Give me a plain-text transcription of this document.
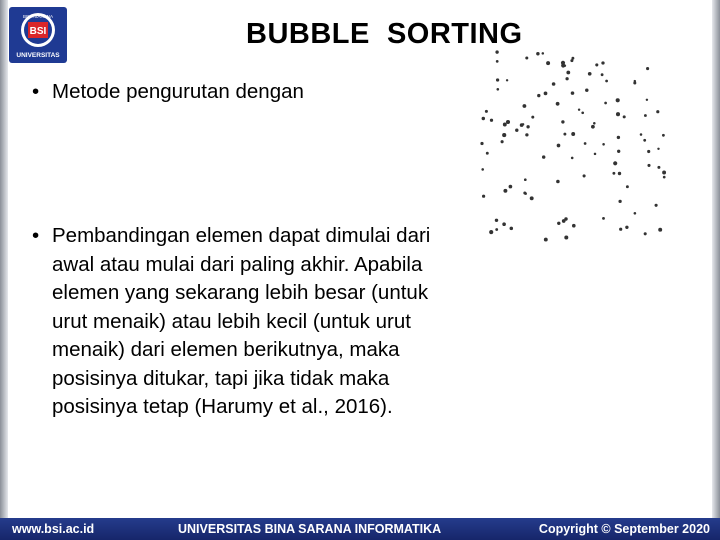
BSI
BINA SARANA
UNIVERSITAS
BUBBLE  SORTING
• Metode pengurutan dengan
• Pembandingan elemen dapat dimulai dari awal atau mulai dari paling akhir. Apabila elemen yang sekarang lebih besar (untuk urut menaik) atau lebih kecil (untuk urut menaik) dari elemen berikutnya, maka posisinya ditukar, tapi jika tidak maka posisinya tetap (Harumy et al., 2016).
www.bsi.ac.id	UNIVERSITAS BINA SARANA INFORMATIKA	Copyright © September 2020
